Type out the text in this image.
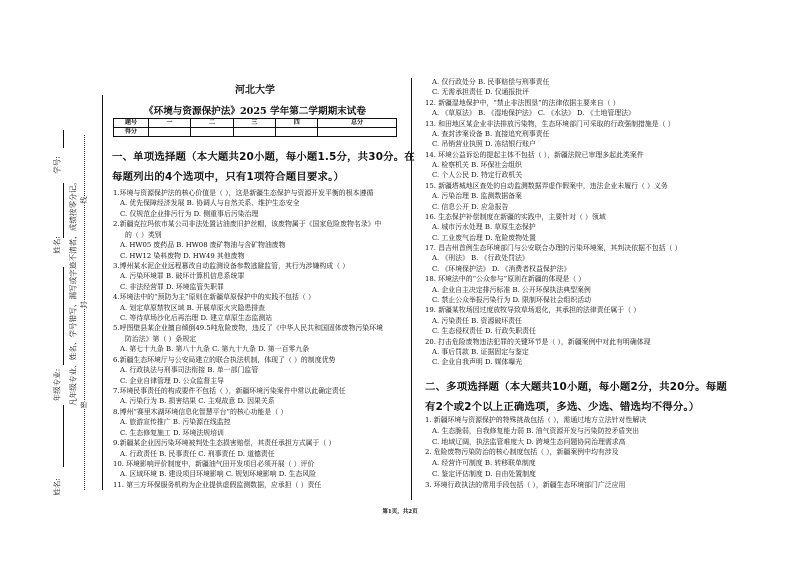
学号:
姓名:
年级专业:
姓名:
凡年级专业、姓名、学号错写、漏写或字迹不清者，成绩按零分记。 线
封
密
河北大学
《环境与资源保护法》2025 学年第二学期期末试卷
题号	一	二	三	四	总分
得分					
一、单项选择题（本大题共20小题，每小题1.5分，共30分。在
每题列出的4个选项中，只有1项符合题目要求。）
1.环境与资源保护法的核心价值是（ ），这是新疆生态保护与资源开发平衡的根本遵循
A. 优先保障经济发展 B. 协调人与自然关系、维护生态安全
C. 仅规范企业排污行为 D. 侧重事后污染治理
2.新疆克拉玛依市某公司非法处置沾油废旧护丝帽，该废物属于《国家危险废物名录》中
的（ ）类别
A. HW05 废药品 B. HW08 废矿物油与含矿物油废物
C. HW12 染料废物 D. HW49 其他废物
3.博州某水泥企业远程篡改自动监测设备参数逃避监管，其行为涉嫌构成（ ）
A. 污染环境罪 B. 破坏计算机信息系统罪
C. 非法经营罪 D. 环境监管失职罪
4.环境法中的“预防为主”原则在新疆草原保护中的实践不包括（ ）
A. 划定草原禁牧区域 B. 开展草原火灾隐患排查
C. 等待草场沙化后再治理 D. 建立草原生态监测站
5.呼图壁县某企业擅自倾倒49.5吨危险废物，违反了《中华人民共和国固体废物污染环境
防治法》第（ ）条规定
A. 第七十九条 B. 第八十九条 C. 第九十九条 D. 第一百零九条
6.新疆生态环境厅与公安局建立的联合执法机制，体现了（ ）的制度优势
A. 行政执法与刑事司法衔接 B. 单一部门监管
C. 企业自律管理 D. 公众监督主导
7.环境民事责任的构成要件不包括（ ），新疆环境污染案件中常以此确定责任
A. 污染行为 B. 损害结果 C. 主观故意 D. 因果关系
8.博州“赛里木湖环境信息化智慧平台”的核心功能是（ ）
A. 旅游宣传推广 B. 污染源在线监控
C. 生态修复施工 D. 环境法规培训
9.新疆某企业因污染环境被判处生态损害赔偿，其责任承担方式属于（ ）
A. 行政责任 B. 民事责任 C. 刑事责任 D. 道德责任
10. 环境影响评价制度中，新疆油气田开发项目必须开展（ ）评价
A. 区域环境 B. 建设项目环境影响 C. 规划环境影响 D. 生态风险
11. 第三方环保服务机构为企业提供虚假监测数据，应承担（ ）责任
A. 仅行政处分 B. 民事赔偿与刑事责任
C. 无需承担责任 D. 仅通报批评
12. 新疆湿地保护中，“禁止非法围垦”的法律依据主要来自（ ）
A. 《草原法》 B. 《湿地保护法》 C. 《水法》 D. 《土地管理法》
13. 和田地区某企业非法排放污染物，生态环境部门可采取的行政强制措施是（ ）
A. 查封涉案设备 B. 直接追究刑事责任
C. 吊销营业执照 D. 冻结银行账户
14. 环境公益诉讼的提起主体不包括（ ），新疆法院已审理多起此类案件
A. 检察机关 B. 环保社会组织
C. 个人公民 D. 特定行政机关
15. 新疆塔城地区查处的自动监测数据弄虚作假案中，违法企业未履行（ ）义务
A. 污染治理 B. 监测数据备案
C. 信息公开 D. 应急报告
16. 生态保护补偿制度在新疆的实践中，主要针对（ ）领域
A. 城市污水处理 B. 草原生态保护
C. 工业废气治理 D. 危险废物处置
17. 昌吉州首例生态环境部门与公安联合办理的污染环境案，其判决依据不包括（ ）
A. 《刑法》 B. 《行政处罚法》
C. 《环境保护法》 D. 《消费者权益保护法》
18. 环境法中的“公众参与”原则在新疆的体现是（ ）
A. 企业自主决定排污标准 B. 公开环保执法典型案例
C. 禁止公众举报污染行为 D. 限制环保社会组织活动
19. 新疆某牧场因过度放牧导致草场退化，其承担的法律责任属于（ ）
A. 污染责任 B. 资源破坏责任
C. 生态侵权责任 D. 行政失职责任
20. 打击危险废物违法犯罪的关键环节是（ ），新疆案例中对此有明确体现
A. 事后罚款 B. 证据固定与鉴定
C. 企业自我声明 D. 媒体曝光
二、多项选择题（本大题共10小题，每小题2分，共20分。每题
有2个或2个以上正确选项，多选、少选、错选均不得分。）
1. 新疆环境与资源保护的特殊挑战包括（ ），需通过地方立法针对性解决
A. 生态脆弱，自我修复能力弱 B. 油气资源开发与污染防控矛盾突出
C. 地域辽阔，执法监管难度大 D. 跨境生态问题协同治理需求高
2. 危险废物污染防治的核心制度包括（ ），新疆案例中均有涉及
A. 经营许可制度 B. 转移联单制度
C. 鉴定评估制度 D. 自由处置制度
3. 环境行政执法的常用手段包括（ ），新疆生态环境部门广泛应用
第1页，共2页
